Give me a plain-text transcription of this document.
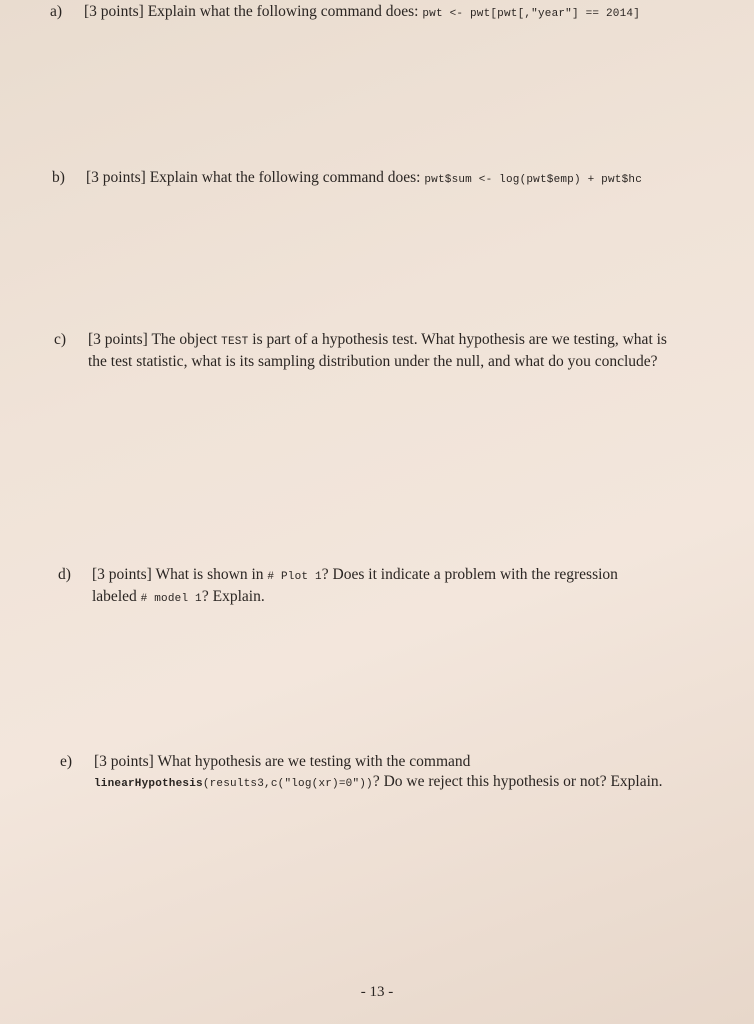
a) [3 points] Explain what the following command does: pwt <- pwt[pwt[,"year"] == 2014]
b) [3 points] Explain what the following command does: pwt$sum <- log(pwt$emp) + pwt$hc
c) [3 points] The object TEST is part of a hypothesis test. What hypothesis are we testing, what is the test statistic, what is its sampling distribution under the null, and what do you conclude?
d) [3 points] What is shown in # Plot 1? Does it indicate a problem with the regression labeled # model 1? Explain.
e) [3 points] What hypothesis are we testing with the command
linearHypothesis(results3,c("log(xr)=0"))? Do we reject this hypothesis or not? Explain.
- 13 -
